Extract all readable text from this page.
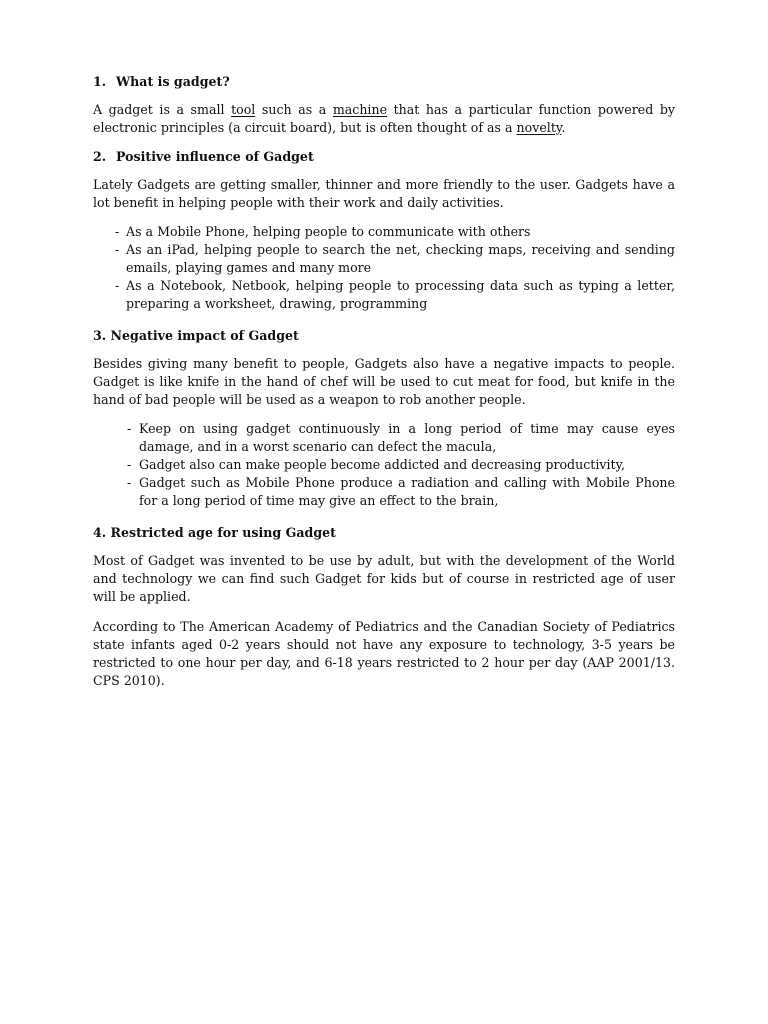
1. What is gadget?

A gadget is a small tool such as a machine that has a particular function powered by electronic principles (a circuit board), but is often thought of as a novelty.

2. Positive influence of Gadget

Lately Gadgets are getting smaller, thinner and more friendly to the user. Gadgets have a lot benefit in helping people with their work and daily activities.

- As a Mobile Phone, helping people to communicate with others
- As an iPad, helping people to search the net, checking maps, receiving and sending emails, playing games and many more
- As a Notebook, Netbook, helping people to processing data such as typing a letter, preparing a worksheet, drawing, programming
3. Negative impact of Gadget

Besides giving many benefit to people, Gadgets also have a negative impacts to people. Gadget is like knife in the hand of chef will be used to cut meat for food, but knife in the hand of bad people will be used as a weapon to rob another people.

- Keep on using gadget continuously in a long period of time may cause eyes damage, and in a worst scenario can defect the macula,
- Gadget also can make people become addicted and decreasing productivity,
- Gadget such as Mobile Phone produce a radiation and calling with Mobile Phone for a long period of time may give an effect to the brain,
4. Restricted age for using Gadget

Most of Gadget was invented to be use by adult, but with the development of the World and technology we can find such Gadget for kids but of course in restricted age of user will be applied.

According to The American Academy of Pediatrics and the Canadian Society of Pediatrics state infants aged 0-2 years should not have any exposure to technology, 3-5 years be restricted to one hour per day, and 6-18 years restricted to 2 hour per day (AAP 2001/13. CPS 2010).
